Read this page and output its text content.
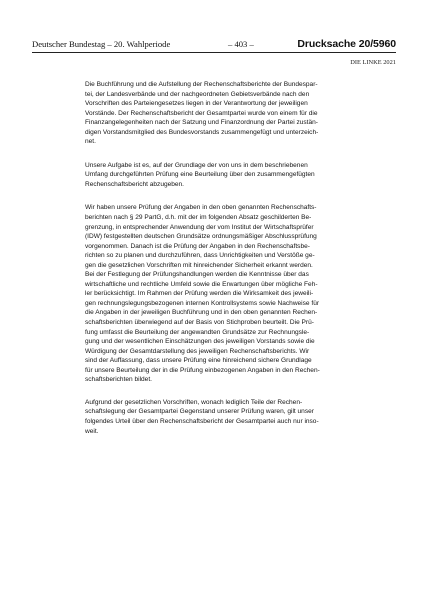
Deutscher Bundestag – 20. Wahlperiode	– 403 –	Drucksache 20/5960
DIE LINKE 2021

Die Buchführung und die Aufstellung der Rechenschaftsberichte der Bundespar-
tei, der Landesverbände und der nachgeordneten Gebietsverbände nach den
Vorschriften des Parteiengesetzes liegen in der Verantwortung der jeweiligen
Vorstände. Der Rechenschaftsbericht der Gesamtpartei wurde von einem für die
Finanzangelegenheiten nach der Satzung und Finanzordnung der Partei zustän-
digen Vorstandsmitglied des Bundesvorstands zusammengefügt und unterzeich-
net.

Unsere Aufgabe ist es, auf der Grundlage der von uns in dem beschriebenen
Umfang durchgeführten Prüfung eine Beurteilung über den zusammengefügten
Rechenschaftsbericht abzugeben.

Wir haben unsere Prüfung der Angaben in den oben genannten Rechenschafts-
berichten nach § 29 PartG, d.h. mit der im folgenden Absatz geschilderten Be-
grenzung, in entsprechender Anwendung der vom Institut der Wirtschaftsprüfer
(IDW) festgestellten deutschen Grundsätze ordnungsmäßiger Abschlussprüfung
vorgenommen. Danach ist die Prüfung der Angaben in den Rechenschaftsbe-
richten so zu planen und durchzuführen, dass Unrichtigkeiten und Verstöße ge-
gen die gesetzlichen Vorschriften mit hinreichender Sicherheit erkannt werden.
Bei der Festlegung der Prüfungshandlungen werden die Kenntnisse über das
wirtschaftliche und rechtliche Umfeld sowie die Erwartungen über mögliche Feh-
ler berücksichtigt. Im Rahmen der Prüfung werden die Wirksamkeit des jeweili-
gen rechnungslegungsbezogenen internen Kontrollsystems sowie Nachweise für
die Angaben in der jeweiligen Buchführung und in den oben genannten Rechen-
schaftsberichten überwiegend auf der Basis von Stichproben beurteilt. Die Prü-
fung umfasst die Beurteilung der angewandten Grundsätze zur Rechnungsle-
gung und der wesentlichen Einschätzungen des jeweiligen Vorstands sowie die
Würdigung der Gesamtdarstellung des jeweiligen Rechenschaftsberichts. Wir
sind der Auffassung, dass unsere Prüfung eine hinreichend sichere Grundlage
für unsere Beurteilung der in die Prüfung einbezogenen Angaben in den Rechen-
schaftsberichten bildet.

Aufgrund der gesetzlichen Vorschriften, wonach lediglich Teile der Rechen-
schaftslegung der Gesamtpartei Gegenstand unserer Prüfung waren, gilt unser
folgendes Urteil über den Rechenschaftsbericht der Gesamtpartei auch nur inso-
weit.
